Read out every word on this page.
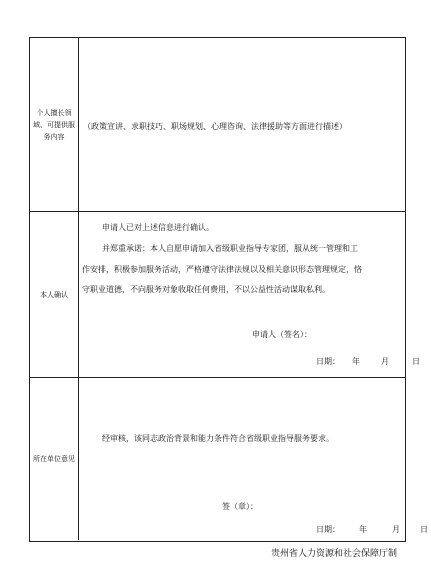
个人擅长领域、可提供服务内容
（政策宣讲、求职技巧、职场规划、心理咨询、法律援助等方面进行描述）
本人确认
申请人已对上述信息进行确认。
并郑重承诺：本人自愿申请加入省级职业指导专家团，服从统一管理和工
作安排，积极参加服务活动，严格遵守法律法规以及相关意识形态管理规定，恪
守职业道德，不向服务对象收取任何费用，不以公益性活动谋取私利。
申请人（签名）：
日期： 年	月	日
所在单位意见
经审核，该同志政治背景和能力条件符合省级职业指导服务要求。
签（章）：
日期： 年	月	日
贵州省人力资源和社会保障厅制
